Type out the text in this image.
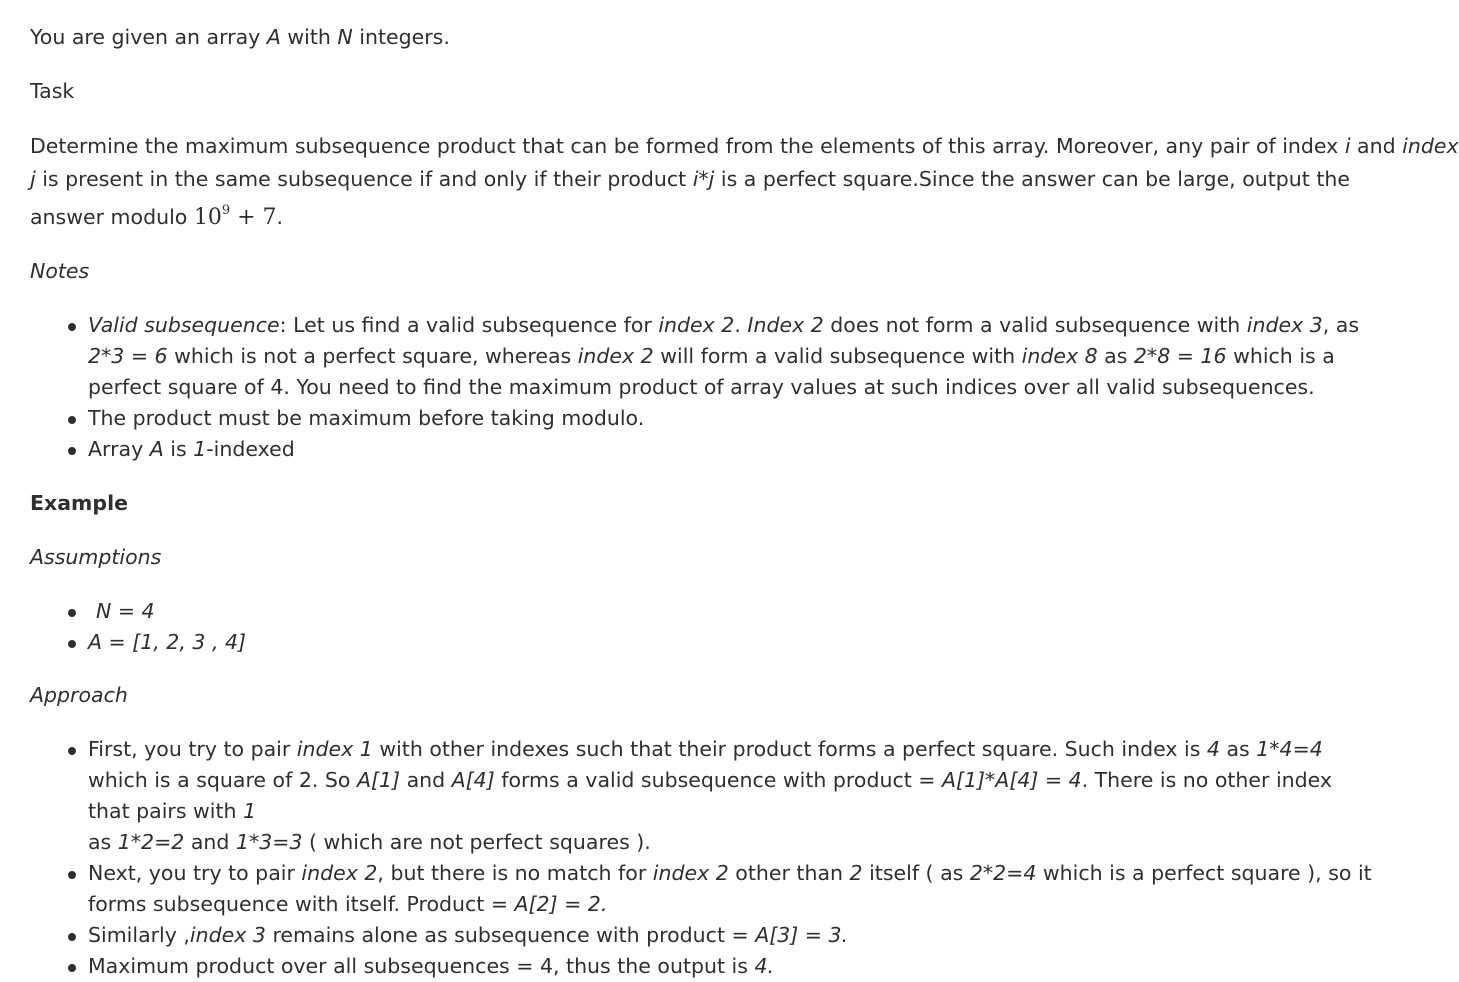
You are given an array A with N integers.

Task

Determine the maximum subsequence product that can be formed from the elements of this array. Moreover, any pair of index i and index
j is present in the same subsequence if and only if their product i*j is a perfect square.Since the answer can be large, output the answer modulo $10^9 + 7$.

Notes

Valid subsequence: Let us find a valid subsequence for index 2. Index 2 does not form a valid subsequence with index 3, as 2*3 = 6 which is not a perfect square, whereas index 2 will form a valid subsequence with index 8 as 2*8 = 16 which is a perfect square of 4. You need to find the maximum product of array values at such indices over all valid subsequences.
The product must be maximum before taking modulo.
Array A is 1-indexed

Example

Assumptions

N = 4
A = [1, 2, 3 , 4]

Approach

First, you try to pair index 1 with other indexes such that their product forms a perfect square. Such index is 4 as 1*4=4 which is a square of 2. So A[1] and A[4] forms a valid subsequence with product = A[1]*A[4] = 4. There is no other index that pairs with 1
as 1*2=2 and 1*3=3 ( which are not perfect squares ).
Next, you try to pair index 2, but there is no match for index 2 other than 2 itself ( as 2*2=4 which is a perfect square ), so it forms subsequence with itself. Product = A[2] = 2.
Similarly ,index 3 remains alone as subsequence with product = A[3] = 3.
Maximum product over all subsequences = 4, thus the output is 4.
